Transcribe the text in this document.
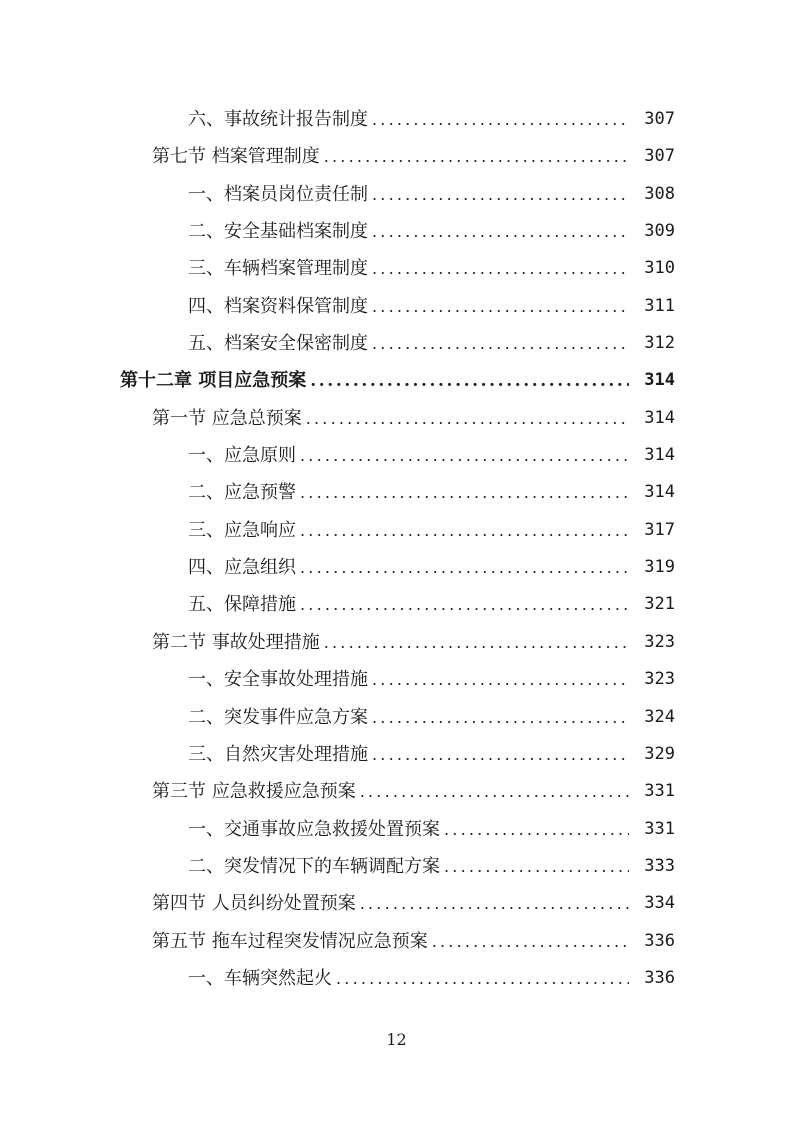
六、事故统计报告制度 .....	307
第七节 档案管理制度 .....	307
一、档案员岗位责任制 .....	308
二、安全基础档案制度 .....	309
三、车辆档案管理制度 .....	310
四、档案资料保管制度 .....	311
五、档案安全保密制度 .....	312
第十二章 项目应急预案 .....	314
第一节 应急总预案 .....	314
一、应急原则 .....	314
二、应急预警 .....	314
三、应急响应 .....	317
四、应急组织 .....	319
五、保障措施 .....	321
第二节 事故处理措施 .....	323
一、安全事故处理措施 .....	323
二、突发事件应急方案 .....	324
三、自然灾害处理措施 .....	329
第三节 应急救援应急预案 .....	331
一、交通事故应急救援处置预案 .....	331
二、突发情况下的车辆调配方案 .....	333
第四节 人员纠纷处置预案 .....	334
第五节 拖车过程突发情况应急预案 .....	336
一、车辆突然起火 .....	336
12
